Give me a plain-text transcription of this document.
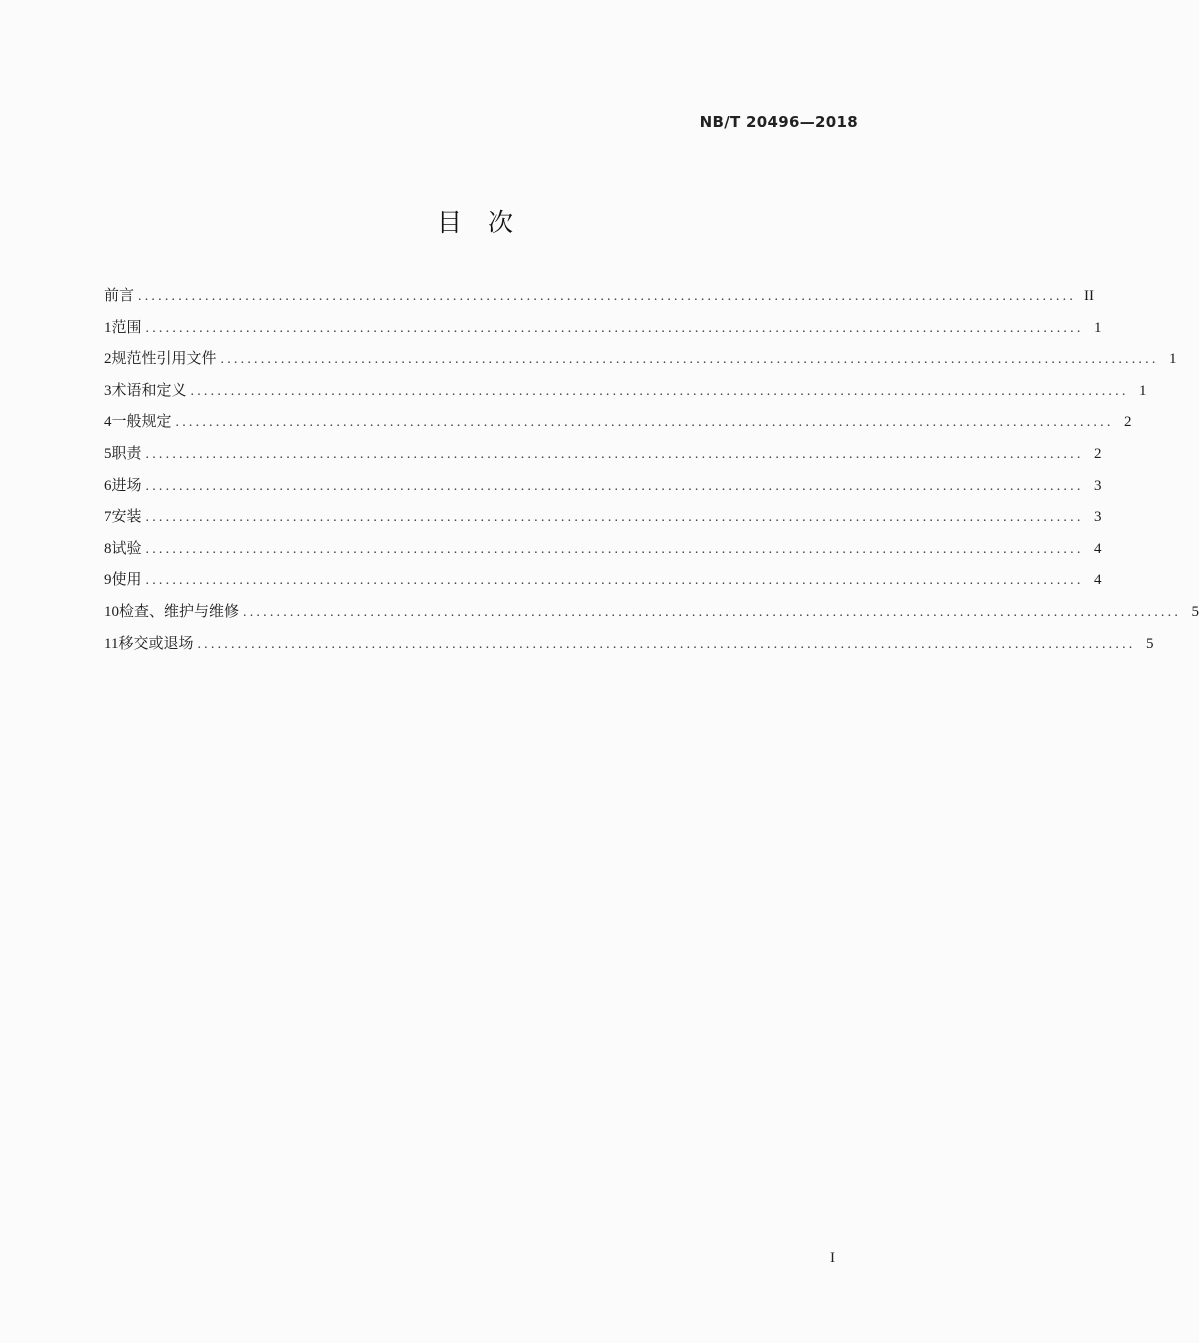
NB/T 20496—2018
目次
前言 ............................................................................................................................................ II
1 范围 ............................................................................................................................................ 1
2 规范性引用文件 ............................................................................................................................................ 1
3 术语和定义 ............................................................................................................................................ 1
4 一般规定 ............................................................................................................................................ 2
5 职责 ............................................................................................................................................ 2
6 进场 ............................................................................................................................................ 3
7 安装 ............................................................................................................................................ 3
8 试验 ............................................................................................................................................ 4
9 使用 ............................................................................................................................................ 4
10 检查、维护与维修 ............................................................................................................................................ 5
11 移交或退场 ............................................................................................................................................ 5
I
